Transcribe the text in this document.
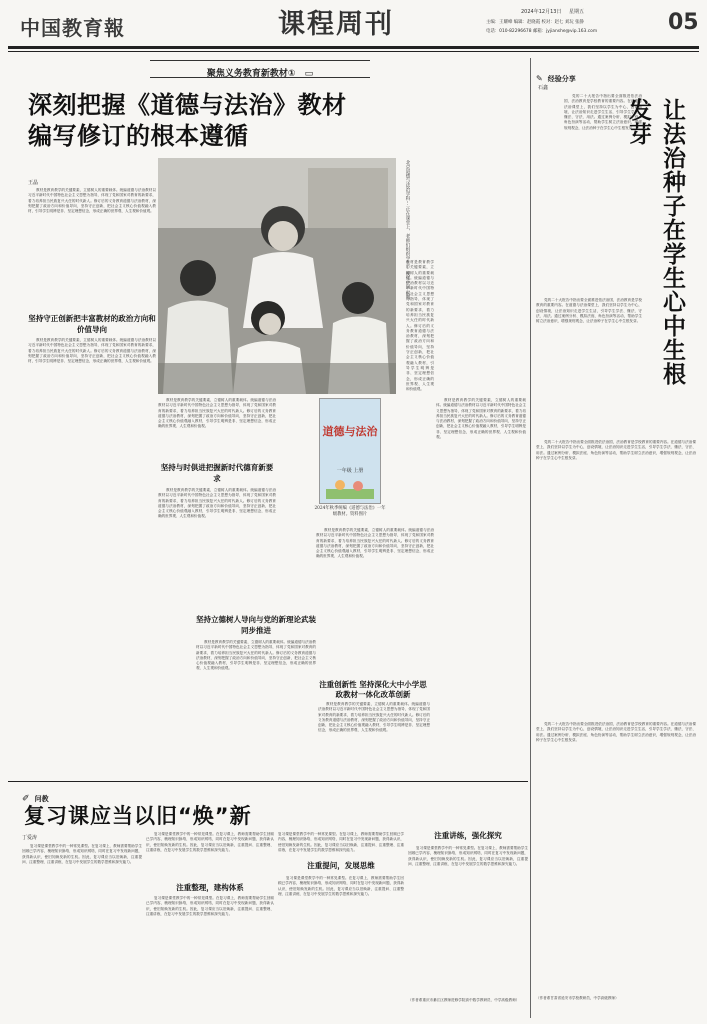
中国教育報	课程周刊	2024年12月13日 星期五
主编：王耀峰 编辑：赵晓霞 校对：赵七 刘玩 张静
电话：010-82296678 邮箱：jyjianshe@vip.163.com	05
聚焦义务教育新教材① ▭
深刻把握《道德与法治》教材
编写修订的根本遵循
王晶
教材是教育教学的关键要素，立德树人的重要载体。统编道德与法治教材以习近平新时代中国特色社会主义思想为指导，体现了党和国家对教育的新要求，着力培养担当民族复兴大任的时代新人。修订后的义务教育道德与法治教材，深刻把握了政治方向和价值导向，坚持守正创新，把社会主义核心价值观融入教材，引导学生明辨是非、坚定理想信念，形成正确的世界观、人生观和价值观。
坚持守正创新把丰富教材的政治方向和价值导向
教材是教育教学的关键要素，立德树人的重要载体。统编道德与法治教材以习近平新时代中国特色社会主义思想为指导，体现了党和国家对教育的新要求，着力培养担当民族复兴大任的时代新人。修订后的义务教育道德与法治教材，深刻把握了政治方向和价值导向，坚持守正创新，把社会主义核心价值观融入教材，引导学生明辨是非、坚定理想信念，形成正确的世界观、人生观和价值观。
北京道德与法治学科… 正在课堂上，老师们组织学生… 视觉中国 供图
教材是教育教学的关键要素，立德树人的重要载体。统编道德与法治教材以习近平新时代中国特色社会主义思想为指导，体现了党和国家对教育的新要求，着力培养担当民族复兴大任的时代新人。修订后的义务教育道德与法治教材，深刻把握了政治方向和价值导向，坚持守正创新，把社会主义核心价值观融入教材，引导学生明辨是非、坚定理想信念，形成正确的世界观、人生观和价值观。
坚持与时俱进把握新时代德育新要求
教材是教育教学的关键要素，立德树人的重要载体。统编道德与法治教材以习近平新时代中国特色社会主义思想为指导，体现了党和国家对教育的新要求，着力培养担当民族复兴大任的时代新人。修订后的义务教育道德与法治教材，深刻把握了政治方向和价值导向，坚持守正创新，把社会主义核心价值观融入教材，引导学生明辨是非、坚定理想信念，形成正确的世界观、人生观和价值观。
坚持立德树人导向与党的新理论武装同步推进
教材是教育教学的关键要素，立德树人的重要载体。统编道德与法治教材以习近平新时代中国特色社会主义思想为指导，体现了党和国家对教育的新要求，着力培养担当民族复兴大任的时代新人。修订后的义务教育道德与法治教材，深刻把握了政治方向和价值导向，坚持守正创新，把社会主义核心价值观融入教材，引导学生明辨是非、坚定理想信念，形成正确的世界观、人生观和价值观。
道德与法治
一年级 上册
2024年秋季统编《道德与法治》一年级教材。资料图片
教材是教育教学的关键要素，立德树人的重要载体。统编道德与法治教材以习近平新时代中国特色社会主义思想为指导，体现了党和国家对教育的新要求，着力培养担当民族复兴大任的时代新人。修订后的义务教育道德与法治教材，深刻把握了政治方向和价值导向，坚持守正创新，把社会主义核心价值观融入教材，引导学生明辨是非、坚定理想信念，形成正确的世界观、人生观和价值观。
注重创新性 坚持深化大中小学思政教材一体化改革创新
教材是教育教学的关键要素，立德树人的重要载体。统编道德与法治教材以习近平新时代中国特色社会主义思想为指导，体现了党和国家对教育的新要求，着力培养担当民族复兴大任的时代新人。修订后的义务教育道德与法治教材，深刻把握了政治方向和价值导向，坚持守正创新，把社会主义核心价值观融入教材，引导学生明辨是非、坚定理想信念，形成正确的世界观、人生观和价值观。
教材是教育教学的关键要素，立德树人的重要载体。统编道德与法治教材以习近平新时代中国特色社会主义思想为指导，体现了党和国家对教育的新要求，着力培养担当民族复兴大任的时代新人。修订后的义务教育道德与法治教材，深刻把握了政治方向和价值导向，坚持守正创新，把社会主义核心价值观融入教材，引导学生明辨是非、坚定理想信念，形成正确的世界观、人生观和价值观。
教材是教育教学的关键要素，立德树人的重要载体。统编道德与法治教材以习近平新时代中国特色社会主义思想为指导，体现了党和国家对教育的新要求，着力培养担当民族复兴大任的时代新人。修订后的义务教育道德与法治教材，深刻把握了政治方向和价值导向，坚持守正创新，把社会主义核心价值观融入教材，引导学生明辨是非、坚定理想信念，形成正确的世界观、人生观和价值观。
✎ 经验分享
石鑫
党的二十大报告中指出要全面推进依法治国，法治教育是学校教育的重要内容。在道德与法治课堂上，我们坚持以学生为中心，创设情境，让法治知识走进学生生活，引导学生学法、懂法、守法、用法。通过案例分析、模拟法庭、角色扮演等活动，帮助学生树立法治意识，增强规则观念，让法治种子在学生心中生根发芽。	让法治种子在学生心中生根发芽
党的二十大报告中指出要全面推进依法治国，法治教育是学校教育的重要内容。在道德与法治课堂上，我们坚持以学生为中心，创设情境，让法治知识走进学生生活，引导学生学法、懂法、守法、用法。通过案例分析、模拟法庭、角色扮演等活动，帮助学生树立法治意识，增强规则观念，让法治种子在学生心中生根发芽。
党的二十大报告中指出要全面推进依法治国，法治教育是学校教育的重要内容。在道德与法治课堂上，我们坚持以学生为中心，创设情境，让法治知识走进学生生活，引导学生学法、懂法、守法、用法。通过案例分析、模拟法庭、角色扮演等活动，帮助学生树立法治意识，增强规则观念，让法治种子在学生心中生根发芽。
党的二十大报告中指出要全面推进依法治国，法治教育是学校教育的重要内容。在道德与法治课堂上，我们坚持以学生为中心，创设情境，让法治知识走进学生生活，引导学生学法、懂法、守法、用法。通过案例分析、模拟法庭、角色扮演等活动，帮助学生树立法治意识，增强规则观念，让法治种子在学生心中生根发芽。
（作者系甘肃省延安市学校教研员，中学高级教师）
✐ 问教
复习课应当以旧“焕”新
丁爱涛
复习课是课堂教学中的一种常见课型。在复习课上，教师需要帮助学生回顾已学内容，梳理知识脉络，形成知识网络，同时在复习中发现新问题，获得新认识，使旧知焕发新的生机。因此，复习课应当以旧焕新，注重提问、注重整理、注重讲练，在复习中发展学生的数学思维和探究能力。
复习课是课堂教学中的一种常见课型。在复习课上，教师需要帮助学生回顾已学内容，梳理知识脉络，形成知识网络，同时在复习中发现新问题，获得新认识，使旧知焕发新的生机。因此，复习课应当以旧焕新，注重提问、注重整理、注重讲练，在复习中发展学生的数学思维和探究能力。
注重整理，建构体系
复习课是课堂教学中的一种常见课型。在复习课上，教师需要帮助学生回顾已学内容，梳理知识脉络，形成知识网络，同时在复习中发现新问题，获得新认识，使旧知焕发新的生机。因此，复习课应当以旧焕新，注重提问、注重整理、注重讲练，在复习中发展学生的数学思维和探究能力。
复习课是课堂教学中的一种常见课型。在复习课上，教师需要帮助学生回顾已学内容，梳理知识脉络，形成知识网络，同时在复习中发现新问题，获得新认识，使旧知焕发新的生机。因此，复习课应当以旧焕新，注重提问、注重整理、注重讲练，在复习中发展学生的数学思维和探究能力。
注重提问，发展思维
复习课是课堂教学中的一种常见课型。在复习课上，教师需要帮助学生回顾已学内容，梳理知识脉络，形成知识网络，同时在复习中发现新问题，获得新认识，使旧知焕发新的生机。因此，复习课应当以旧焕新，注重提问、注重整理、注重讲练，在复习中发展学生的数学思维和探究能力。
注重讲练，强化探究
复习课是课堂教学中的一种常见课型。在复习课上，教师需要帮助学生回顾已学内容，梳理知识脉络，形成知识网络，同时在复习中发现新问题，获得新认识，使旧知焕发新的生机。因此，复习课应当以旧焕新，注重提问、注重整理、注重讲练，在复习中发展学生的数学思维和探究能力。
（作者系重庆市綦江区教师进修学院高中数学教研员、中学高级教师）
